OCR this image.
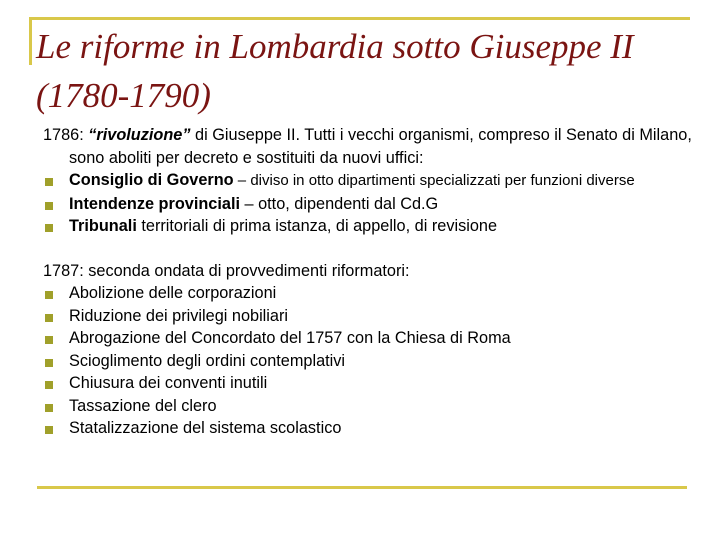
Le riforme in Lombardia sotto Giuseppe II (1780-1790)

1786: “rivoluzione” di Giuseppe II. Tutti i vecchi organismi, compreso il Senato di Milano, sono aboliti per decreto e sostituiti da nuovi uffici:

Consiglio di Governo – diviso in otto dipartimenti specializzati per funzioni diverse
Intendenze provinciali – otto, dipendenti dal Cd.G
Tribunali territoriali di prima istanza, di appello, di revisione

1787: seconda ondata di provvedimenti riformatori:

Abolizione delle corporazioni
Riduzione dei privilegi nobiliari
Abrogazione del Concordato del 1757 con la Chiesa di Roma
Scioglimento degli ordini contemplativi
Chiusura dei conventi inutili
Tassazione del clero
Statalizzazione del sistema scolastico
